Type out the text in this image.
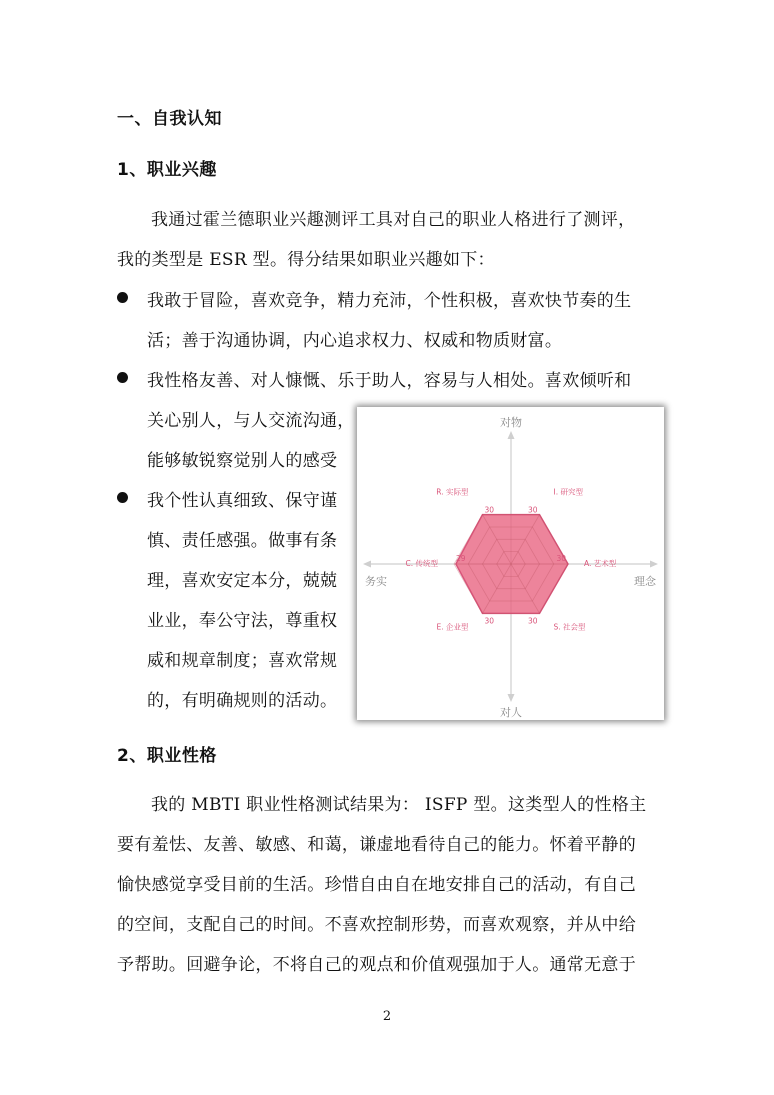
一、自我认知
1、职业兴趣
我通过霍兰德职业兴趣测评工具对自己的职业人格进行了测评，
我的类型是 ESR 型。得分结果如职业兴趣如下：
我敢于冒险，喜欢竞争，精力充沛，个性积极，喜欢快节奏的生
活；善于沟通协调，内心追求权力、权威和物质财富。
我性格友善、对人慷慨、乐于助人，容易与人相处。喜欢倾听和
关心别人，与人交流沟通，
能够敏锐察觉别人的感受
我个性认真细致、保守谨
慎、责任感强。做事有条
理，喜欢安定本分，兢兢
业业，奉公守法，尊重权
威和规章制度；喜欢常规
的，有明确规则的活动。
对物
对人
务实	理念
I. 研究型
30
A. 艺术型
30
S. 社会型
30
E. 企业型
30
C. 传统型
29
R. 实际型
30
2、职业性格
我的 MBTI 职业性格测试结果为： ISFP 型。这类型人的性格主
要有羞怯、友善、敏感、和蔼，谦虚地看待自己的能力。怀着平静的
愉快感觉享受目前的生活。珍惜自由自在地安排自己的活动，有自己
的空间，支配自己的时间。不喜欢控制形势，而喜欢观察，并从中给
予帮助。回避争论，不将自己的观点和价值观强加于人。通常无意于
2
